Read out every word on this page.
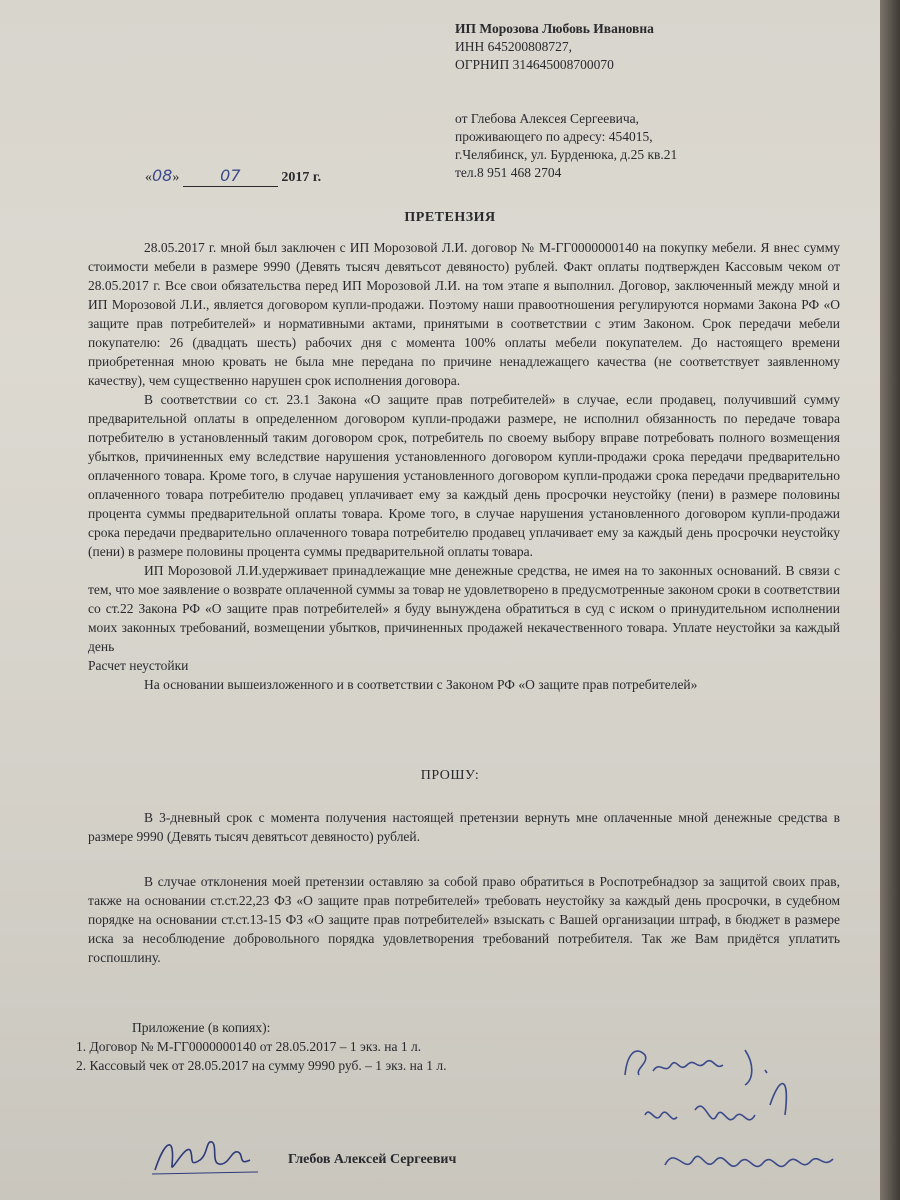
ИП Морозова Любовь Ивановна
ИНН 645200808727,
ОГРНИП 314645008700070
от Глебова Алексея Сергеевича,
проживающего по адресу: 454015,
г.Челябинск, ул. Бурденюка, д.25 кв.21
тел.8 951 468 2704
«08» 07	2017 г.
ПРЕТЕНЗИЯ

28.05.2017 г. мной был заключен с ИП Морозовой Л.И. договор № М-ГГ0000000140 на покупку мебели. Я внес сумму стоимости мебели в размере 9990 (Девять тысяч девятьсот девяносто) рублей. Факт оплаты подтвержден Кассовым чеком от 28.05.2017 г. Все свои обязательства перед ИП Морозовой Л.И. на том этапе я выполнил. Договор, заключенный между мной и ИП Морозовой Л.И., является договором купли-продажи. Поэтому наши правоотношения регулируются нормами Закона РФ «О защите прав потребителей» и нормативными актами, принятыми в соответствии с этим Законом. Срок передачи мебели покупателю: 26 (двадцать шесть) рабочих дня с момента 100% оплаты мебели покупателем. До настоящего времени приобретенная мною кровать не была мне передана по причине ненадлежащего качества (не соответствует заявленному качеству), чем существенно нарушен срок исполнения договора.

В соответствии со ст. 23.1 Закона «О защите прав потребителей» в случае, если продавец, получивший сумму предварительной оплаты в определенном договором купли-продажи размере, не исполнил обязанность по передаче товара потребителю в установленный таким договором срок, потребитель по своему выбору вправе потребовать полного возмещения убытков, причиненных ему вследствие нарушения установленного договором купли-продажи срока передачи предварительно оплаченного товара. Кроме того, в случае нарушения установленного договором купли-продажи срока передачи предварительно оплаченного товара потребителю продавец уплачивает ему за каждый день просрочки неустойку (пени) в размере половины процента суммы предварительной оплаты товара. Кроме того, в случае нарушения установленного договором купли-продажи срока передачи предварительно оплаченного товара потребителю продавец уплачивает ему за каждый день просрочки неустойку (пени) в размере половины процента суммы предварительной оплаты товара.

ИП Морозовой Л.И.удерживает принадлежащие мне денежные средства, не имея на то законных оснований. В связи с тем, что мое заявление о возврате оплаченной суммы за товар не удовлетворено в предусмотренные законом сроки в соответствии со ст.22 Закона РФ «О защите прав потребителей» я буду вынуждена обратиться в суд с иском о принудительном исполнении моих законных требований, возмещении убытков, причиненных продажей некачественного товара. Уплате неустойки за каждый день

Расчет неустойки

На основании вышеизложенного и в соответствии с Законом РФ «О защите прав потребителей»

ПРОШУ:

В 3-дневный срок с момента получения настоящей претензии вернуть мне оплаченные мной денежные средства в размере 9990 (Девять тысяч девятьсот девяносто) рублей.

В случае отклонения моей претензии оставляю за собой право обратиться в Роспотребнадзор за защитой своих прав, также на основании ст.ст.22,23 ФЗ «О защите прав потребителей» требовать неустойку за каждый день просрочки, в судебном порядке на основании ст.ст.13-15 ФЗ «О защите прав потребителей» взыскать с Вашей организации штраф, в бюджет в размере иска за несоблюдение добровольного порядка удовлетворения требований потребителя. Так же Вам придётся уплатить госпошлину.

Приложение (в копиях):
1. Договор № М-ГГ0000000140 от 28.05.2017 – 1 экз. на 1 л.
2. Кассовый чек от 28.05.2017 на сумму 9990 руб. – 1 экз. на 1 л.
Глебов Алексей Сергеевич
